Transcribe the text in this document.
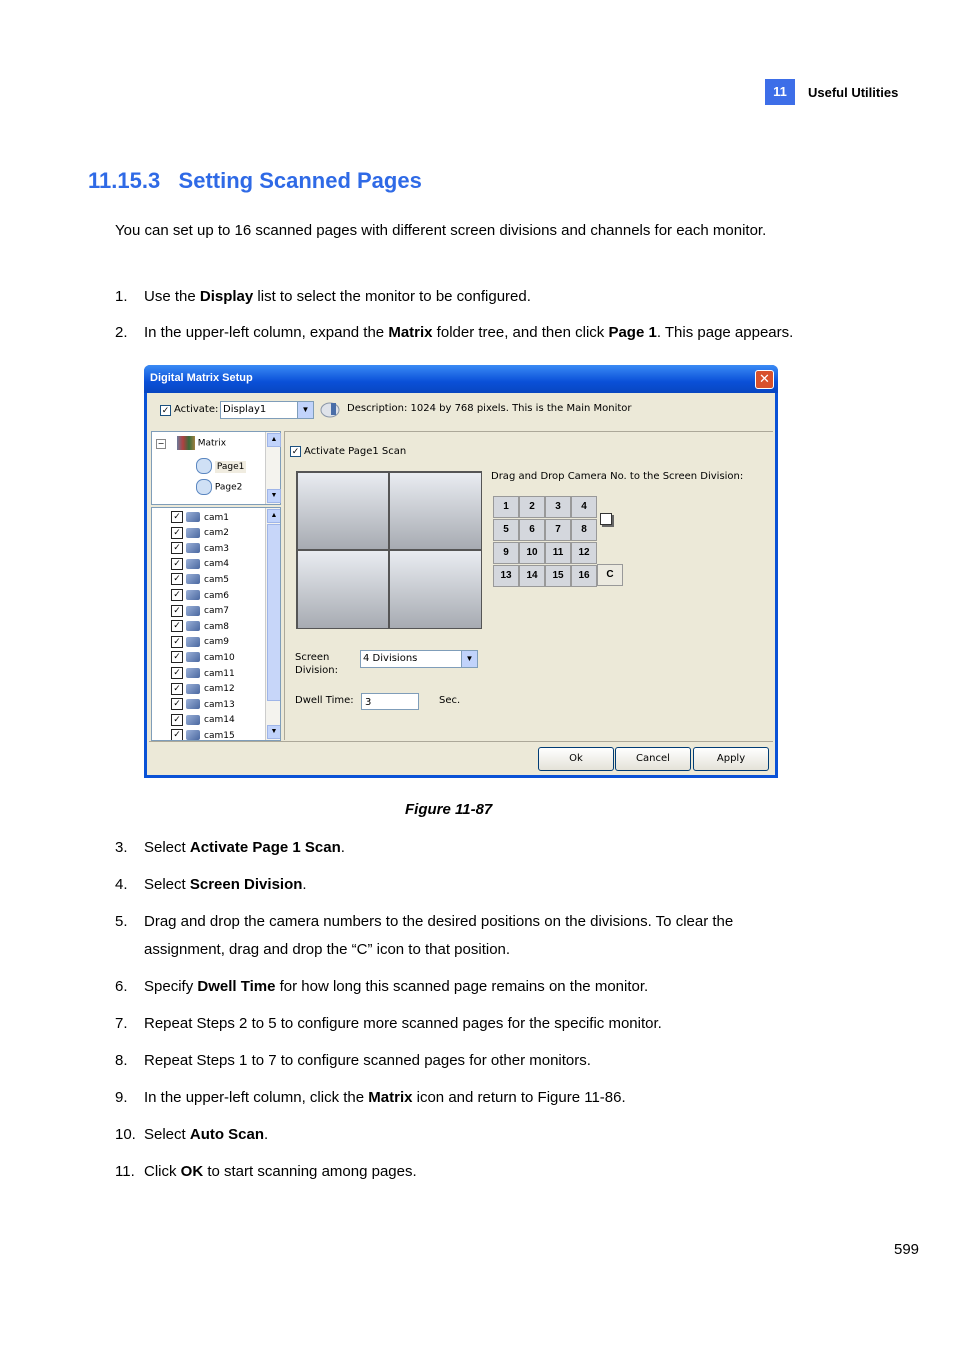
11	Useful Utilities
11.15.3 Setting Scanned Pages
You can set up to 16 scanned pages with different screen divisions and channels for each monitor.
1.	Use the Display list to select the monitor to be configured.
2.	In the upper-left column, expand the Matrix folder tree, and then click Page 1. This page appears.
Digital Matrix Setup	✕
✓ Activate: Display1	▼	Description: 1024 by 768 pixels. This is the Main Monitor
−	Matrix
Page1
Page2
▲
▼
✓	cam1
✓	cam2
✓	cam3
✓	cam4
✓	cam5
✓	cam6
✓	cam7
✓	cam8
✓	cam9
✓	cam10
✓	cam11
✓	cam12
✓	cam13
✓	cam14
✓	cam15
▲
▼
✓ Activate Page1 Scan
Drag and Drop Camera No. to the Screen Division:
1	2	3	4
5	6	7	8
9	10	11	12
13	14	15	16	C
Screen
Division:
4 Divisions	▼
Dwell Time:	3	Sec.
Ok	Cancel	Apply
Figure 11-87
3.	Select Activate Page 1 Scan.
4.	Select Screen Division.
5.	Drag and drop the camera numbers to the desired positions on the divisions. To clear the
assignment, drag and drop the “C” icon to that position.
6.	Specify Dwell Time for how long this scanned page remains on the monitor.
7.	Repeat Steps 2 to 5 to configure more scanned pages for the specific monitor.
8.	Repeat Steps 1 to 7 to configure scanned pages for other monitors.
9.	In the upper-left column, click the Matrix icon and return to Figure 11-86.
10. Select Auto Scan.
11. Click OK to start scanning among pages.
599
